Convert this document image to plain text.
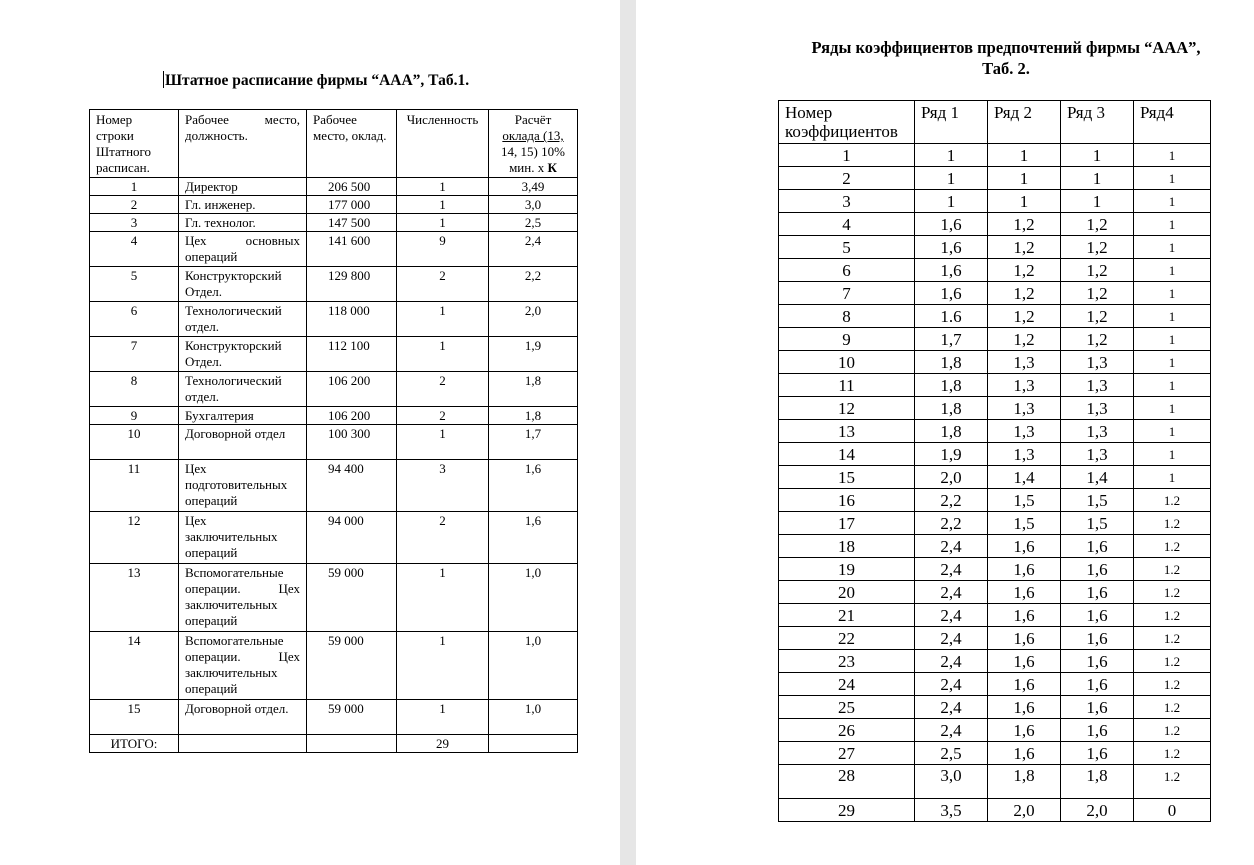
Штатное расписание фирмы “ААА”, Таб.1.
Номер строки Штатного расписан.	Рабочее место, должность.	Рабочее место, оклад.	Численность	Расчёт
оклада (13,
14, 15) 10%
мин. x К
1	Директор	206 500	1	3,49
2	Гл. инженер.	177 000	1	3,0
3	Гл. технолог.	147 500	1	2,5
4	Цех основных операций	141 600	9	2,4
5	Конструкторский Отдел.	129 800	2	2,2
6	Технологический отдел.	118 000	1	2,0
7	Конструкторский Отдел.	112 100	1	1,9
8	Технологический отдел.	106 200	2	1,8
9	Бухгалтерия	106 200	2	1,8
10	Договорной отдел	100 300	1	1,7
11	Цех подготовительных операций	94 400	3	1,6
12	Цех заключительных операций	94 000	2	1,6
13	Вспомогательные операции. Цех заключительных операций	59 000	1	1,0
14	Вспомогательные операции. Цех заключительных операций	59 000	1	1,0
15	Договорной отдел.	59 000	1	1,0
ИТОГО:			29	
Ряды коэффициентов предпочтений фирмы “ААА”, Таб. 2.
Номер коэффициентов	Ряд 1	Ряд 2	Ряд 3	Ряд4
1	1	1	1	1
2	1	1	1	1
3	1	1	1	1
4	1,6	1,2	1,2	1
5	1,6	1,2	1,2	1
6	1,6	1,2	1,2	1
7	1,6	1,2	1,2	1
8	1.6	1,2	1,2	1
9	1,7	1,2	1,2	1
10	1,8	1,3	1,3	1
11	1,8	1,3	1,3	1
12	1,8	1,3	1,3	1
13	1,8	1,3	1,3	1
14	1,9	1,3	1,3	1
15	2,0	1,4	1,4	1
16	2,2	1,5	1,5	1.2
17	2,2	1,5	1,5	1.2
18	2,4	1,6	1,6	1.2
19	2,4	1,6	1,6	1.2
20	2,4	1,6	1,6	1.2
21	2,4	1,6	1,6	1.2
22	2,4	1,6	1,6	1.2
23	2,4	1,6	1,6	1.2
24	2,4	1,6	1,6	1.2
25	2,4	1,6	1,6	1.2
26	2,4	1,6	1,6	1.2
27	2,5	1,6	1,6	1.2
28	3,0	1,8	1,8	1.2
29	3,5	2,0	2,0	0
